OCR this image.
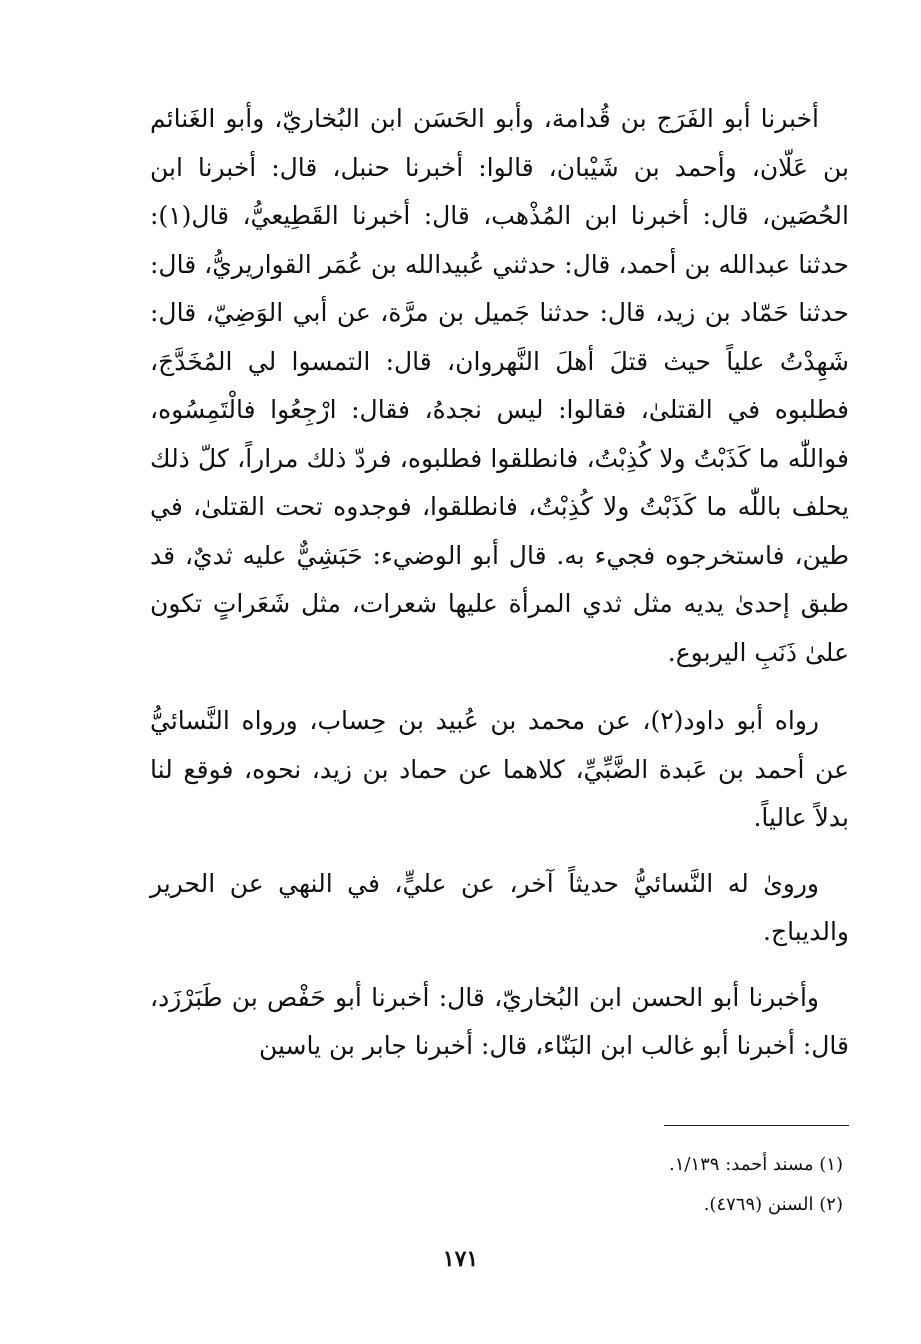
أخبرنا أبو الفَرَج بن قُدامة، وأبو الحَسَن ابن البُخاريّ، وأبو الغَنائم بن عَلّان، وأحمد بن شَيْبان، قالوا: أخبرنا حنبل، قال: أخبرنا ابن الحُصَين، قال: أخبرنا ابن المُذْهب، قال: أخبرنا القَطِيعيُّ، قال(١): حدثنا عبدالله بن أحمد، قال: حدثني عُبيدالله بن عُمَر القواريريُّ، قال: حدثنا حَمّاد بن زيد، قال: حدثنا جَميل بن مرَّة، عن أبي الوَضِيّ، قال: شَهِدْتُ علياً حيث قتلَ أهلَ النَّهروان، قال: التمسوا لي المُخَدَّجَ، فطلبوه في القتلىٰ، فقالوا: ليس نجدهُ، فقال: ارْجِعُوا فالْتَمِسُوه، فواللّٰه ما كَذَبْتُ ولا كُذِبْتُ، فانطلقوا فطلبوه، فردّ ذلك مراراً، كلّ ذلك يحلف باللّٰه ما كَذَبْتُ ولا كُذِبْتُ، فانطلقوا، فوجدوه تحت القتلىٰ، في طين، فاستخرجوه فجيء به. قال أبو الوضيء: حَبَشِيٌّ عليه ثديٌ، قد طبق إحدىٰ يديه مثل ثدي المرأة عليها شعرات، مثل شَعَراتٍ تكون علىٰ ذَنَبِ اليربوع.

رواه أبو داود(٢)، عن محمد بن عُبيد بن حِساب، ورواه النَّسائيُّ عن أحمد بن عَبدة الضَّبِّيِّ، كلاهما عن حماد بن زيد، نحوه، فوقع لنا بدلاً عالياً.

وروىٰ له النَّسائيُّ حديثاً آخر، عن عليٍّ، في النهي عن الحرير والديباج.

وأخبرنا أبو الحسن ابن البُخاريّ، قال: أخبرنا أبو حَفْص بن طَبَرْزَد، قال: أخبرنا أبو غالب ابن البَنّاء، قال: أخبرنا جابر بن ياسين

(١) مسند أحمد: ١/١٣٩.

(٢) السنن (٤٧٦٩).

١٧١
